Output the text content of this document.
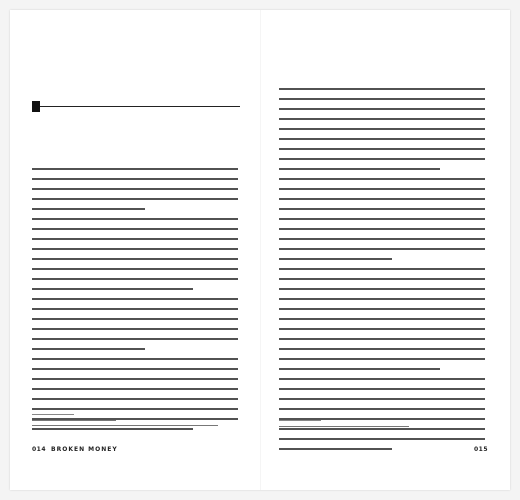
014 BROKEN MONEY	015
